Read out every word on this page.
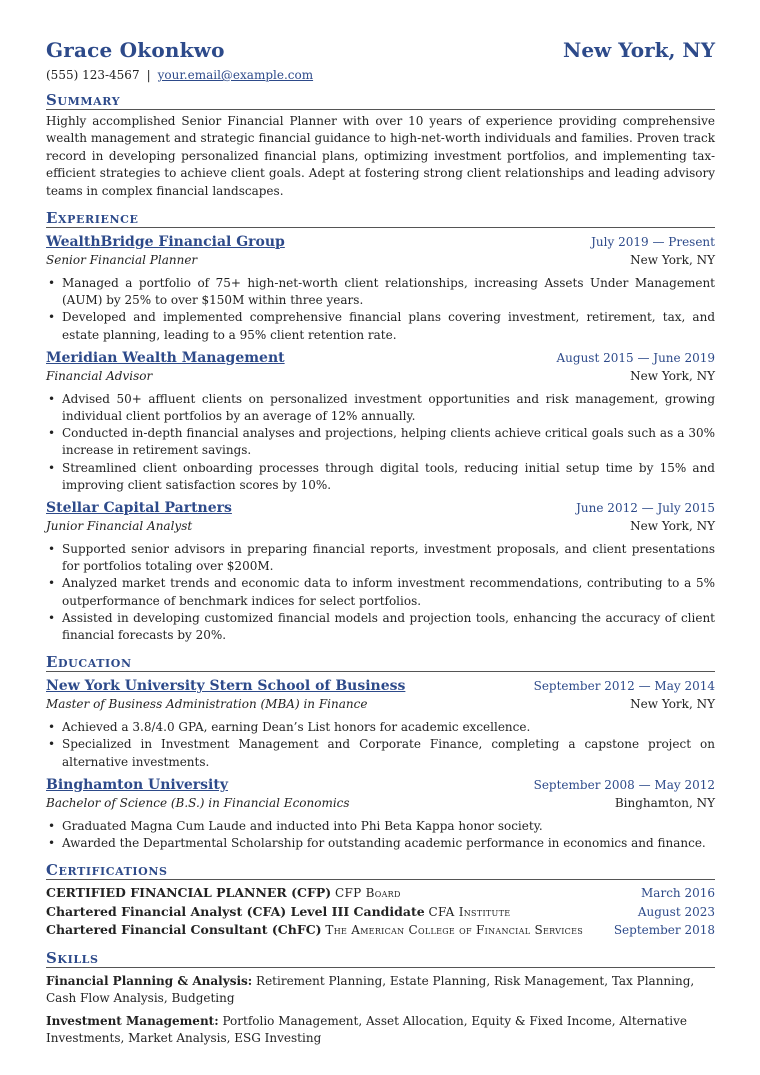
Grace Okonkwo	New York, NY
(555) 123-4567 | your.email@example.com
Summary
Highly accomplished Senior Financial Planner with over 10 years of experience providing comprehensive wealth management and strategic financial guidance to high-net-worth individuals and families. Proven track record in developing personalized financial plans, optimizing investment portfolios, and implementing tax-efficient strategies to achieve client goals. Adept at fostering strong client relationships and leading advisory teams in complex financial landscapes.
Experience
WealthBridge Financial Group	July 2019 — Present
Senior Financial Planner	New York, NY
• Managed a portfolio of 75+ high-net-worth client relationships, increasing Assets Under Management (AUM) by 25% to over $150M within three years.
• Developed and implemented comprehensive financial plans covering investment, retirement, tax, and estate planning, leading to a 95% client retention rate.
Meridian Wealth Management	August 2015 — June 2019
Financial Advisor	New York, NY
• Advised 50+ affluent clients on personalized investment opportunities and risk management, growing individual client portfolios by an average of 12% annually.
• Conducted in-depth financial analyses and projections, helping clients achieve critical goals such as a 30% increase in retirement savings.
• Streamlined client onboarding processes through digital tools, reducing initial setup time by 15% and improving client satisfaction scores by 10%.
Stellar Capital Partners	June 2012 — July 2015
Junior Financial Analyst	New York, NY
• Supported senior advisors in preparing financial reports, investment proposals, and client presentations for portfolios totaling over $200M.
• Analyzed market trends and economic data to inform investment recommendations, contributing to a 5% outperformance of benchmark indices for select portfolios.
• Assisted in developing customized financial models and projection tools, enhancing the accuracy of client financial forecasts by 20%.
Education
New York University Stern School of Business	September 2012 — May 2014
Master of Business Administration (MBA) in Finance	New York, NY
• Achieved a 3.8/4.0 GPA, earning Dean’s List honors for academic excellence.
• Specialized in Investment Management and Corporate Finance, completing a capstone project on alternative investments.
Binghamton University	September 2008 — May 2012
Bachelor of Science (B.S.) in Financial Economics	Binghamton, NY
• Graduated Magna Cum Laude and inducted into Phi Beta Kappa honor society.
• Awarded the Departmental Scholarship for outstanding academic performance in economics and finance.
Certifications
CERTIFIED FINANCIAL PLANNER (CFP) CFP Board	March 2016
Chartered Financial Analyst (CFA) Level III Candidate CFA Institute	August 2023
Chartered Financial Consultant (ChFC) The American College of Financial Services	September 2018
Skills
Financial Planning & Analysis: Retirement Planning, Estate Planning, Risk Management, Tax Planning, Cash Flow Analysis, Budgeting
Investment Management: Portfolio Management, Asset Allocation, Equity & Fixed Income, Alternative Investments, Market Analysis, ESG Investing
